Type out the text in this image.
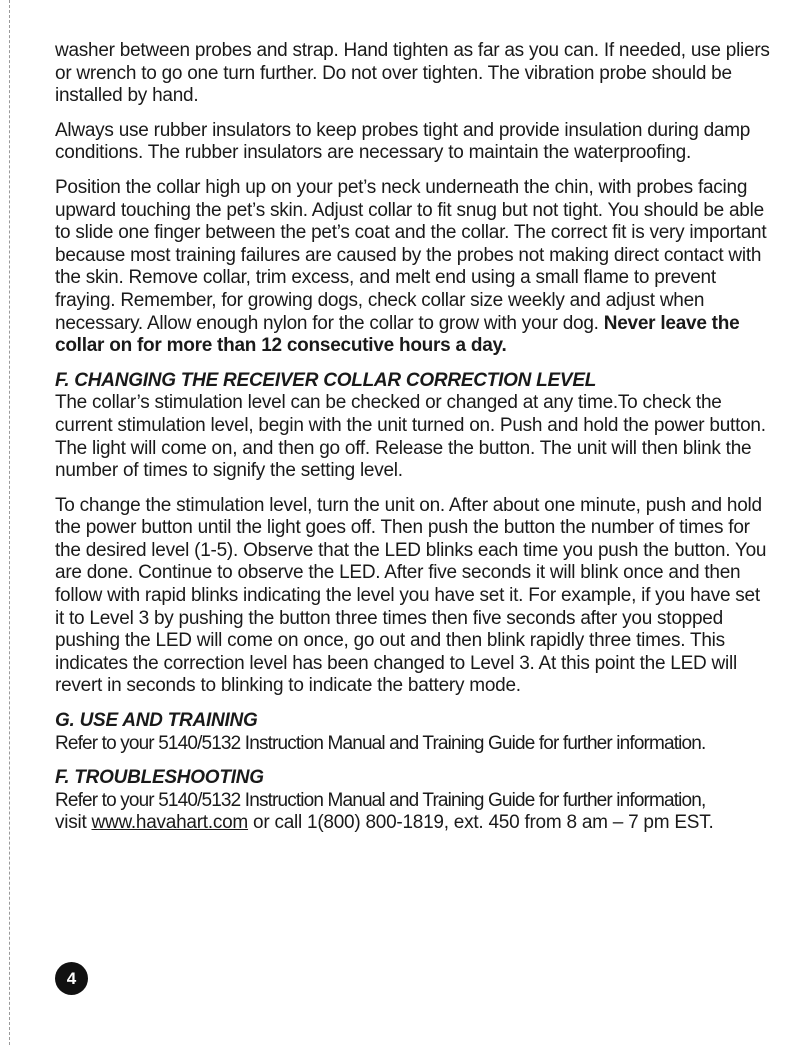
washer between probes and strap. Hand tighten as far as you can. If needed, use pliers or wrench to go one turn further. Do not over tighten. The vibration probe should be installed by hand.

Always use rubber insulators to keep probes tight and provide insulation during damp conditions. The rubber insulators are necessary to maintain the waterproofing.

Position the collar high up on your pet’s neck underneath the chin, with probes facing upward touching the pet’s skin. Adjust collar to fit snug but not tight. You should be able to slide one finger between the pet’s coat and the collar. The correct fit is very important because most training failures are caused by the probes not making direct contact with the skin. Remove collar, trim excess, and melt end using a small flame to prevent fraying. Remember, for growing dogs, check collar size weekly and adjust when necessary. Allow enough nylon for the collar to grow with your dog. Never leave the collar on for more than 12 consecutive hours a day.

F. CHANGING THE RECEIVER COLLAR CORRECTION LEVEL

The collar’s stimulation level can be checked or changed at any time.To check the current stimulation level, begin with the unit turned on. Push and hold the power button. The light will come on, and then go off. Release the button. The unit will then blink the number of times to signify the setting level.

To change the stimulation level, turn the unit on. After about one minute, push and hold the power button until the light goes off. Then push the button the number of times for the desired level (1-5). Observe that the LED blinks each time you push the button. You are done. Continue to observe the LED. After five seconds it will blink once and then follow with rapid blinks indicating the level you have set it. For example, if you have set it to Level 3 by pushing the button three times then five seconds after you stopped pushing the LED will come on once, go out and then blink rapidly three times. This indicates the correction level has been changed to Level 3. At this point the LED will revert in seconds to blinking to indicate the battery mode.

G. USE AND TRAINING

Refer to your 5140/5132 Instruction Manual and Training Guide for further information.

F. TROUBLESHOOTING

Refer to your 5140/5132 Instruction Manual and Training Guide for further information,
visit www.havahart.com or call 1(800) 800-1819, ext. 450 from 8 am – 7 pm EST.

4
